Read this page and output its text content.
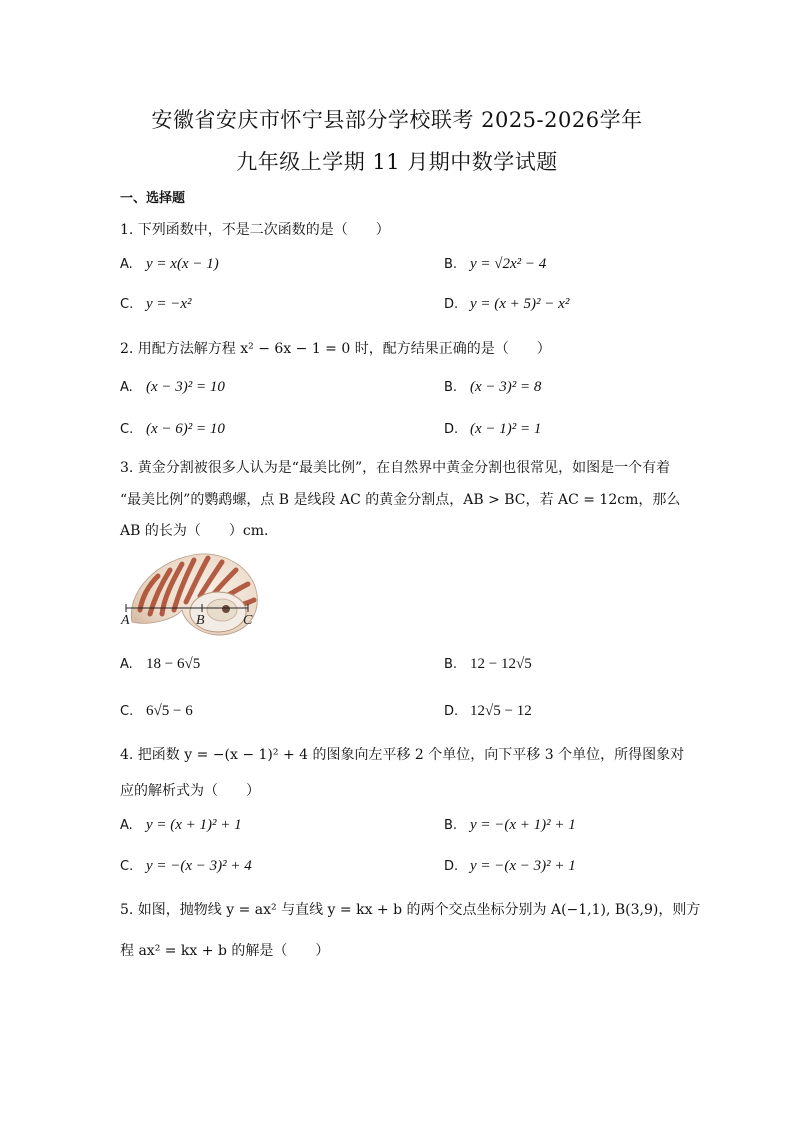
安徽省安庆市怀宁县部分学校联考 2025-2026学年
九年级上学期 11 月期中数学试题
一、选择题
1. 下列函数中，不是二次函数的是（　　）
A. y = x(x − 1)	B. y = √2x² − 4
C. y = −x²	D. y = (x + 5)² − x²
2. 用配方法解方程 x² − 6x − 1 = 0 时，配方结果正确的是（　　）
A. (x − 3)² = 10	B. (x − 3)² = 8
C. (x − 6)² = 10	D. (x − 1)² = 1
3. 黄金分割被很多人认为是“最美比例”，在自然界中黄金分割也很常见，如图是一个有着
“最美比例”的鹦鹉螺，点 B 是线段 AC 的黄金分割点，AB > BC，若 AC = 12cm，那么
AB 的长为（　　）cm．
A	B	C
A. 18 − 6√5	B. 12 − 12√5
C. 6√5 − 6	D. 12√5 − 12
4. 把函数 y = −(x − 1)² + 4 的图象向左平移 2 个单位，向下平移 3 个单位，所得图象对
应的解析式为（　　）
A. y = (x + 1)² + 1	B. y = −(x + 1)² + 1
C. y = −(x − 3)² + 4	D. y = −(x − 3)² + 1
5. 如图，抛物线 y = ax² 与直线 y = kx + b 的两个交点坐标分别为 A(−1,1), B(3,9)，则方
程 ax² = kx + b 的解是（　　）
